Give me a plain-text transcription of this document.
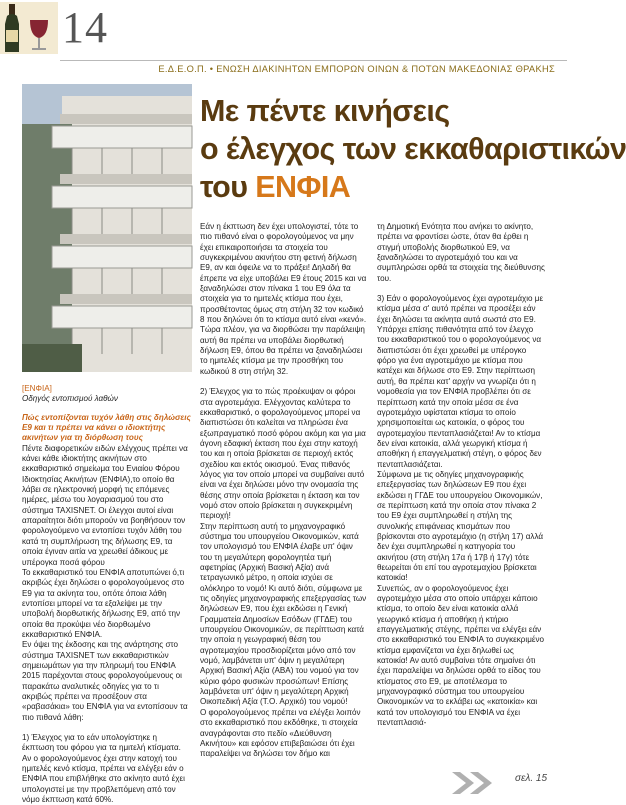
14
Ε.Δ.Ε.Ο.Π. • ΕΝΩΣΗ ΔΙΑΚΙΝΗΤΩΝ ΕΜΠΟΡΩΝ ΟΙΝΩΝ & ΠΟΤΩΝ ΜΑΚΕΔΟΝΙΑΣ ΘΡΑΚΗΣ
Με πέντε κινήσεις
ο έλεγχος των εκκαθαριστικών
του ΕΝΦΙΑ

[ΕΝΦΙΑ]

Οδηγός εντοπισμού λαθών

Πώς εντοπίζονται τυχόν λάθη στις δηλώσεις Ε9 και τι πρέπει να κάνει ο ιδιοκτήτης ακινήτων για τη διόρθωση τους

Πέντε διαφορετικών ειδών ελέγχους πρέπει να κάνει κάθε ιδιοκτήτης ακινήτων στο εκκαθαριστικό σημείωμα του Ενιαίου Φόρου Ιδιοκτησίας Ακινήτων (ΕΝΦΙΑ),το οποίο θα λάβει σε ηλεκτρονική μορφή τις επόμενες ημέρες, μέσω του λογαριασμού του στο σύστημα TAXISNET. Οι έλεγχοι αυτοί είναι απαραίτητοι διότι μπορούν να βοηθήσουν τον φορολογούμενο να εντοπίσει τυχόν λάθη του κατά τη συμπλήρωση της δήλωσης Ε9, τα οποία έγιναν αιτία να χρεωθεί άδικους με υπέρογκα ποσά φόρου

Το εκκαθαριστικό του ΕΝΦΙΑ αποτυπώνει ό,τι ακριβώς έχει δηλώσει ο φορολογούμενος στο Ε9 για τα ακίνητα του, οπότε όποια λάθη εντοπίσει μπορεί να τα εξαλείψει με την υποβολή διορθωτικής δήλωσης Ε9, από την οποία θα προκύψει νέο διορθωμένο εκκαθαριστικό ΕΝΦΙΑ.

Εν όψει της έκδοσης και της ανάρτησης στο σύστημα TAXISNET των εκκαθαριστικών σημειωμάτων για την πληρωμή του ΕΝΦΙΑ 2015 παρέχονται στους φορολογούμενους οι παρακάτω αναλυτικές οδηγίες για το τι ακριβώς πρέπει να προσέξουν στα «ραβασάκια» του ΕΝΦΙΑ για να εντοπίσουν τα πιο πιθανά λάθη:

1) Έλεγχος για το εάν υπολογίστηκε η έκπτωση του φόρου για τα ημιτελή κτίσματα. Αν ο φορολογούμενος έχει στην κατοχή του ημιτελές κενό κτίσμα, πρέπει να ελέγξει εάν ο ΕΝΦΙΑ που επιβλήθηκε στο ακίνητο αυτό έχει υπολογιστεί με την προβλεπόμενη από τον νόμο έκπτωση κατά 60%.

Εάν η έκπτωση δεν έχει υπολογιστεί, τότε το πιο πιθανό είναι ο φορολογούμενος να μην έχει επικαιροποιήσει τα στοιχεία του συγκεκριμένου ακινήτου στη φετινή δήλωση Ε9, αν και όφειλε να το πράξει! Δηλαδή θα έπρεπε να είχε υποβάλει Ε9 έτους 2015 και να ξαναδηλώσει στον πίνακα 1 του Ε9 όλα τα στοιχεία για το ημιτελές κτίσμα που έχει, προσθέτοντας όμως στη στήλη 32 τον κωδικό 8 που δηλώνει ότι το κτίσμα αυτό είναι «κενό». Τώρα πλέον, για να διορθώσει την παράλειψη αυτή θα πρέπει να υποβάλει διορθωτική δήλωση Ε9, όπου θα πρέπει να ξαναδηλώσει το ημιτελές κτίσμα με την προσθήκη του κωδικού 8 στη στήλη 32.

2) Έλεγχος για το πώς προέκυψαν οι φόροι στα αγροτεμάχια. Ελέγχοντας καλύτερα το εκκαθαριστικό, ο φορολογούμενος μπορεί να διαπιστώσει ότι καλείται να πληρώσει ένα εξωπραγματικό ποσό φόρου ακόμη και για μια άγονη εδαφική έκταση που έχει στην κατοχή του και η οποία βρίσκεται σε περιοχή εκτός σχεδίου και εκτός οικισμού. Ένας πιθανός λόγος για τον οποίο μπορεί να συμβαίνει αυτό είναι να έχει δηλώσει μόνο την ονομασία της θέσης στην οποία βρίσκεται η έκταση και τον νομό στον οποίο βρίσκεται η συγκεκριμένη περιοχή!

Στην περίπτωση αυτή το μηχανογραφικό σύστημα του υπουργείου Οικονομικών, κατά τον υπολογισμό του ΕΝΦΙΑ έλαβε υπ' όψιν του τη μεγαλύτερη φορολογητέα τιμή αφετηρίας (Αρχική Βασική Αξία) ανά τετραγωνικό μέτρο, η οποία ισχύει σε ολόκληρο το νομό! Κι αυτό διότι, σύμφωνα με τις οδηγίες μηχανογραφικής επεξεργασίας των δηλώσεων Ε9, που έχει εκδώσει η Γενική Γραμματεία Δημοσίων Εσόδων (ΓΓΔΕ) του υπουργείου Οικονομικών, σε περίπτωση κατά την οποία η γεωγραφική θέση του αγροτεμαχίου προσδιορίζεται μόνο από τον νομό, λαμβάνεται υπ' όψιν η μεγαλύτερη Αρχική Βασική Αξία (ΑΒΑ) του νομού για τον κύριο φόρο φυσικών προσώπων! Επίσης λαμβάνεται υπ' όψιν η μεγαλύτερη Αρχική Οικοπεδική Αξία (Τ.Ο. Αρχικό) του νομού!

Ο φορολογούμενος πρέπει να ελέγξει λοιπόν στο εκκαθαριστικό που εκδόθηκε, τι στοιχεία αναγράφονται στο πεδίο «Διεύθυνση Ακινήτου» και εφόσον επιβεβαιώσει ότι έχει παραλείψει να δηλώσει τον δήμο και

τη Δημοτική Ενότητα που ανήκει το ακίνητο, πρέπει να φροντίσει ώστε, όταν θα έρθει η στιγμή υποβολής διορθωτικού Ε9, να ξαναδηλώσει το αγροτεμάχιό του και να συμπληρώσει ορθά τα στοιχεία της διεύθυνσης του.

3) Εάν ο φορολογούμενος έχει αγροτεμάχιο με κτίσμα μέσα σ' αυτό πρέπει να προσέξει εάν έχει δηλώσει τα ακίνητα αυτά σωστά στο Ε9. Υπάρχει επίσης πιθανότητα από τον έλεγχο του εκκαθαριστικού του ο φορολογούμενος να διαπιστώσει ότι έχει χρεωθεί με υπέρογκο φόρο για ένα αγροτεμάχιο με κτίσμα που κατέχει και δήλωσε στο Ε9. Στην περίπτωση αυτή, θα πρέπει κατ' αρχήν να γνωρίζει ότι η νομοθεσία για τον ΕΝΦΙΑ προβλέπει ότι σε περίπτωση κατά την οποία μέσα σε ένα αγροτεμάχιο υφίσταται κτίσμα το οποίο χρησιμοποιείται ως κατοικία, ο φόρος του αγροτεμαχίου πενταπλασιάζεται! Αν το κτίσμα δεν είναι κατοικία, αλλά γεωργική κτίσμα ή αποθήκη ή επαγγελματική στέγη, ο φόρος δεν πενταπλασιάζεται.

Σύμφωνα με τις οδηγίες μηχανογραφικής επεξεργασίας των δηλώσεων Ε9 που έχει εκδώσει η ΓΓΔΕ του υπουργείου Οικονομικών, σε περίπτωση κατά την οποία στον πίνακα 2 του Ε9 έχει συμπληρωθεί η στήλη της συνολικής επιφάνειας κτισμάτων που βρίσκονται στο αγροτεμάχιο (η στήλη 17) αλλά δεν έχει συμπληρωθεί η κατηγορία του ακινήτου (στη στήλη 17α ή 17β ή 17γ) τότε θεωρείται ότι επί του αγροτεμαχίου βρίσκεται κατοικία!

Συνεπώς, αν ο φορολογούμενος έχει αγροτεμάχιο μέσα στο οποίο υπάρχει κάποιο κτίσμα, το οποίο δεν είναι κατοικία αλλά γεωργικό κτίσμα ή αποθήκη ή κτήριο επαγγελματικής στέγης, πρέπει να ελέγξει εάν στο εκκαθαριστικό του ΕΝΦΙΑ το συγκεκριμένο κτίσμα εμφανίζεται να έχει δηλωθεί ως κατοικία! Αν αυτό συμβαίνει τότε σημαίνει ότι έχει παραλείψει να δηλώσει ορθά το είδος του κτίσματος στο Ε9, με αποτέλεσμα το μηχανογραφικό σύστημα του υπουργείου Οικονομικών να το εκλάβει ως «κατοικία» και κατά τον υπολογισμό του ΕΝΦΙΑ να έχει πενταπλασιά-

σελ. 15
